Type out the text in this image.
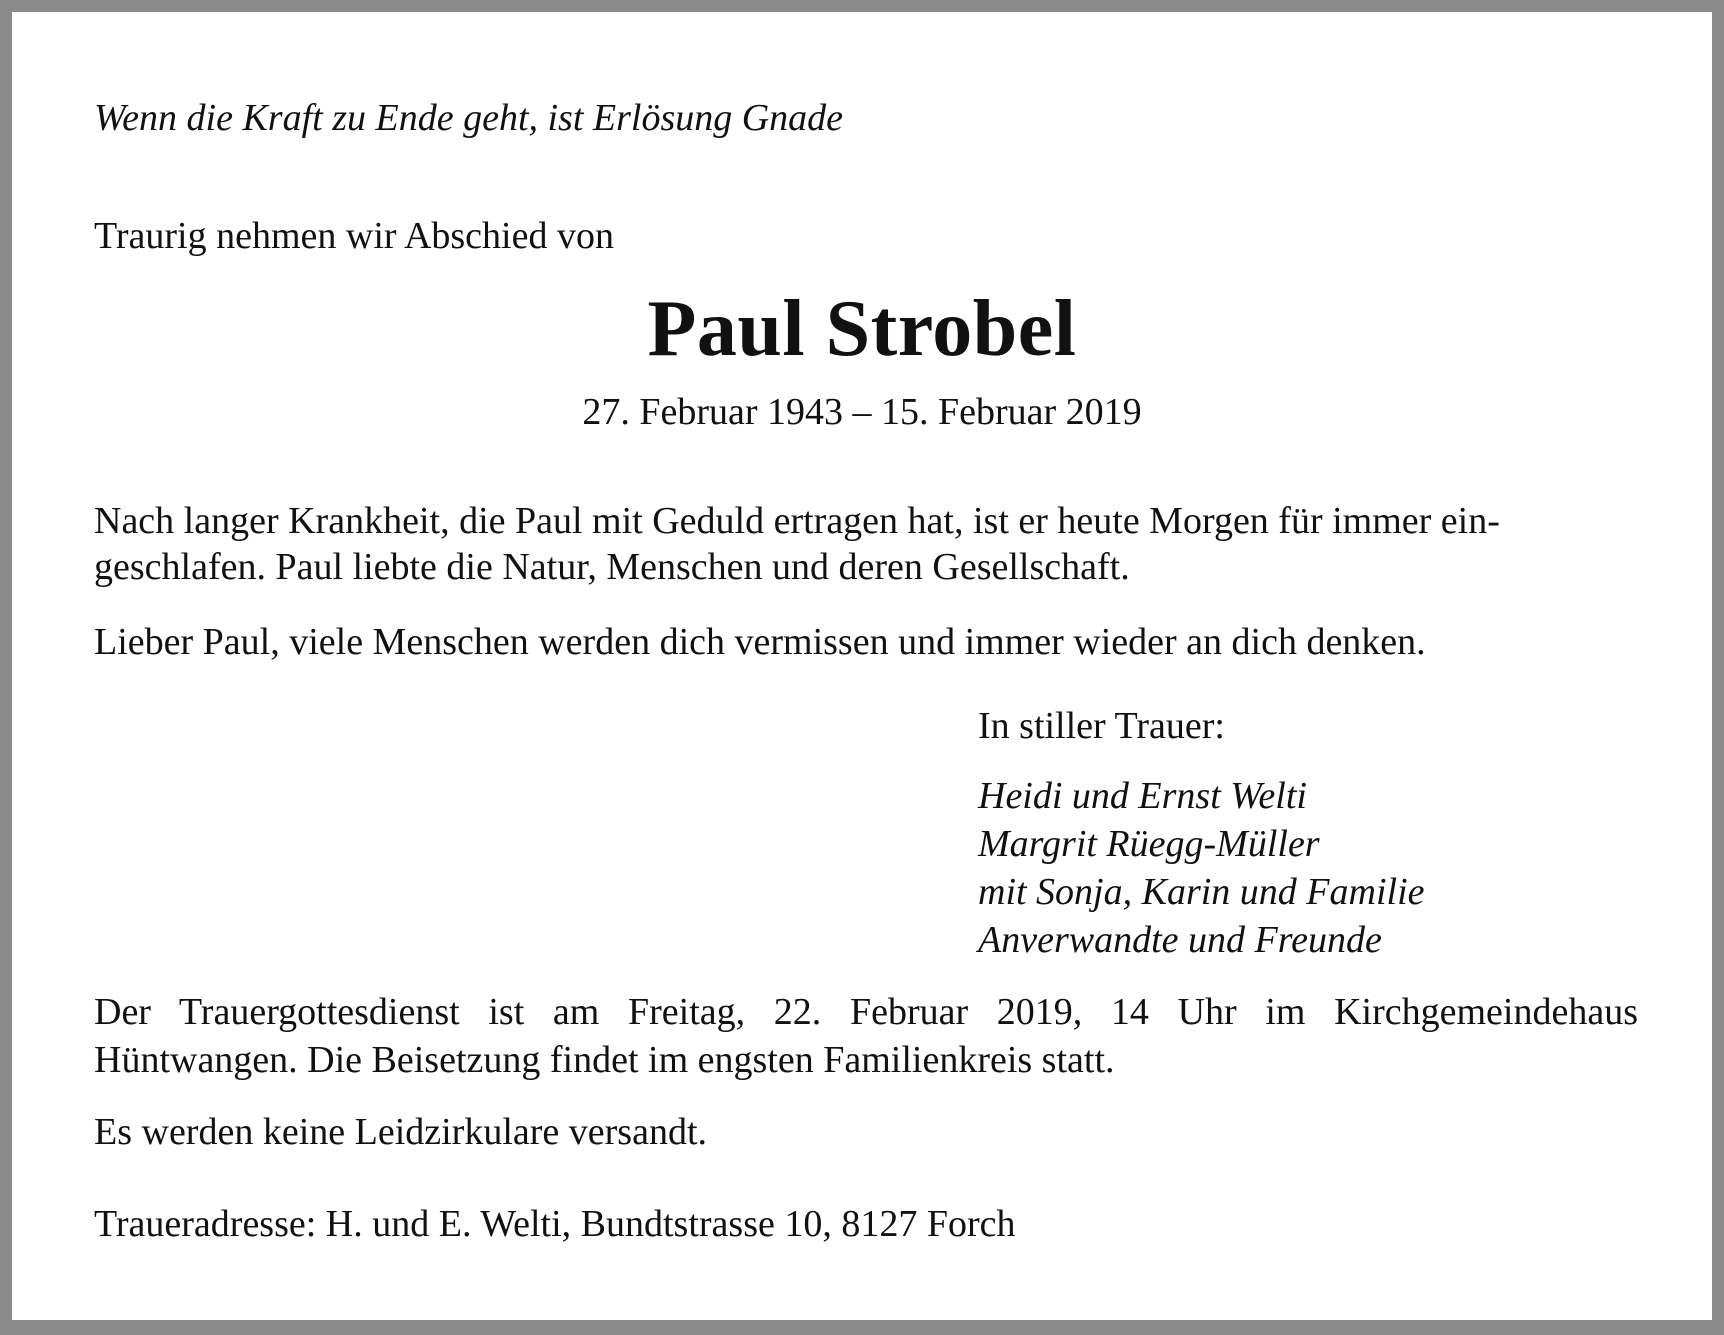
Wenn die Kraft zu Ende geht, ist Erlösung Gnade

Traurig nehmen wir Abschied von

Paul Strobel

27. Februar 1943 – 15. Februar 2019

Nach langer Krankheit, die Paul mit Geduld ertragen hat, ist er heute Morgen für immer ein-
geschlafen. Paul liebte die Natur, Menschen und deren Gesellschaft.

Lieber Paul, viele Menschen werden dich vermissen und immer wieder an dich denken.

In stiller Trauer:

Heidi und Ernst Welti
Margrit Rüegg-Müller
mit Sonja, Karin und Familie
Anverwandte und Freunde
Der Trauergottesdienst ist am Freitag, 22. Februar 2019, 14 Uhr im Kirchgemeindehaus
Hüntwangen. Die Beisetzung findet im engsten Familienkreis statt.

Es werden keine Leidzirkulare versandt.

Traueradresse: H. und E. Welti, Bundtstrasse 10, 8127 Forch
